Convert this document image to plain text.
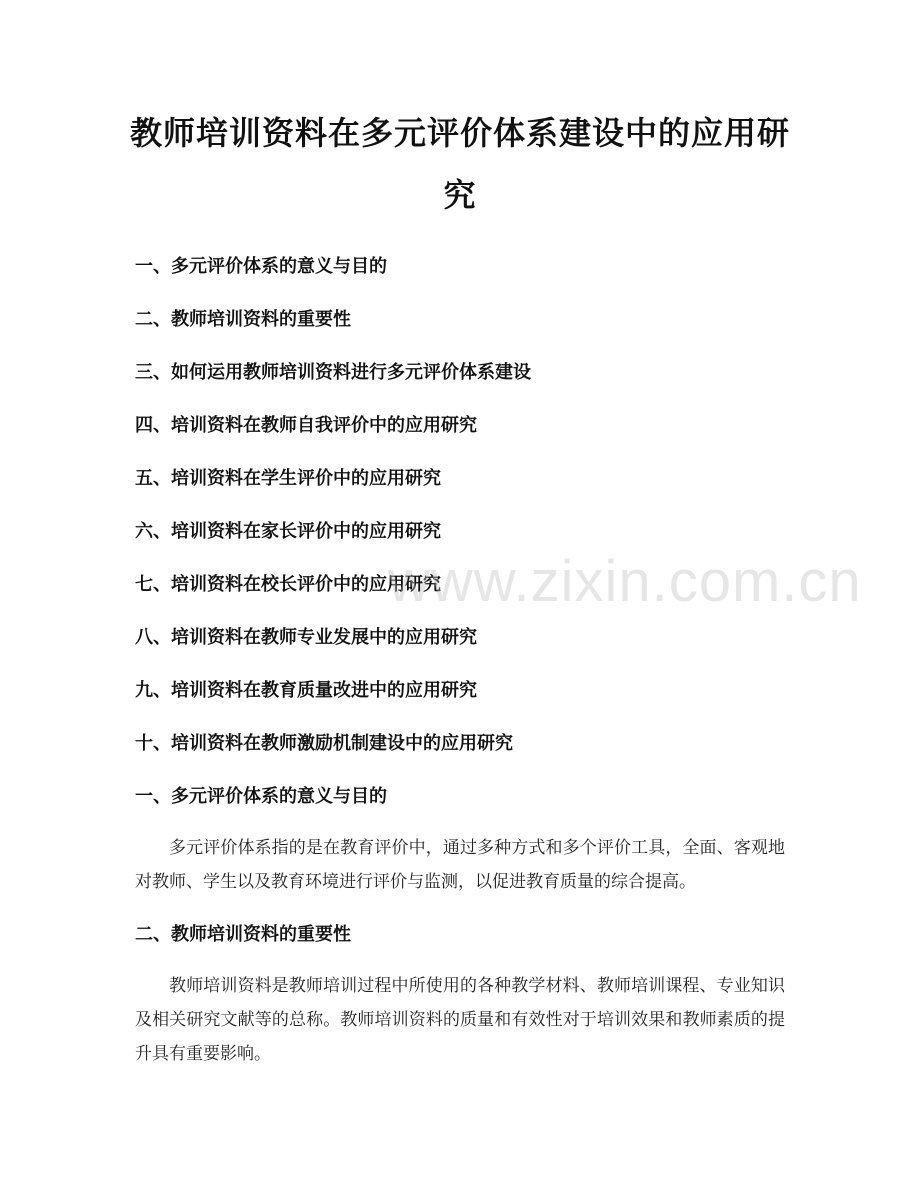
教师培训资料在多元评价体系建设中的应用研究
一、多元评价体系的意义与目的
二、教师培训资料的重要性
三、如何运用教师培训资料进行多元评价体系建设
四、培训资料在教师自我评价中的应用研究
五、培训资料在学生评价中的应用研究
六、培训资料在家长评价中的应用研究
七、培训资料在校长评价中的应用研究
八、培训资料在教师专业发展中的应用研究
九、培训资料在教育质量改进中的应用研究
十、培训资料在教师激励机制建设中的应用研究
一、多元评价体系的意义与目的
多元评价体系指的是在教育评价中，通过多种方式和多个评价工具，全面、客观地对教师、学生以及教育环境进行评价与监测，以促进教育质量的综合提高。
二、教师培训资料的重要性
教师培训资料是教师培训过程中所使用的各种教学材料、教师培训课程、专业知识及相关研究文献等的总称。教师培训资料的质量和有效性对于培训效果和教师素质的提升具有重要影响。
www.zixin.com.cn
